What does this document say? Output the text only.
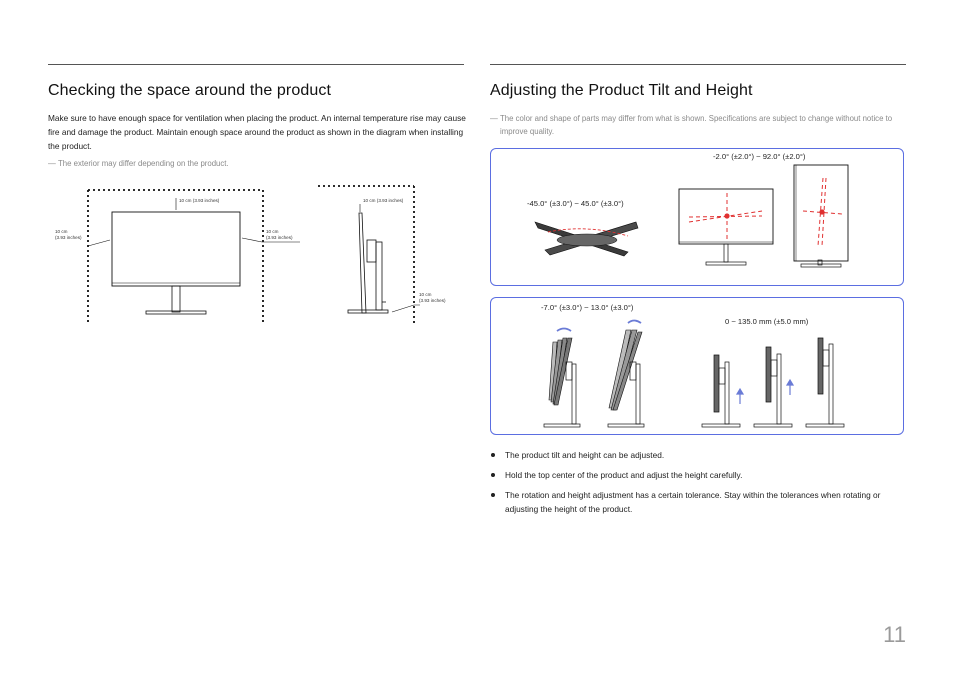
Checking the space around the product

Make sure to have enough space for ventilation when placing the product. An internal temperature rise may cause fire and damage the product. Maintain enough space around the product as shown in the diagram when installing the product.

— The exterior may differ depending on the product.

10 cm (3.93 inches)
10 cm
(3.93 inches)
10 cm
(3.93 inches)
10 cm (3.93 inches)
10 cm
(3.93 inches)
Adjusting the Product Tilt and Height

— The color and shape of parts may differ from what is shown. Specifications are subject to change without notice to improve quality.

-45.0° (±3.0°) ~ 45.0° (±3.0°)
-2.0° (±2.0°) ~ 92.0° (±2.0°)
-7.0° (±3.0°) ~ 13.0° (±3.0°)
0 ~ 135.0 mm (±5.0 mm)
The product tilt and height can be adjusted.
Hold the top center of the product and adjust the height carefully.
The rotation and height adjustment has a certain tolerance. Stay within the tolerances when rotating or adjusting the height of the product.
11
